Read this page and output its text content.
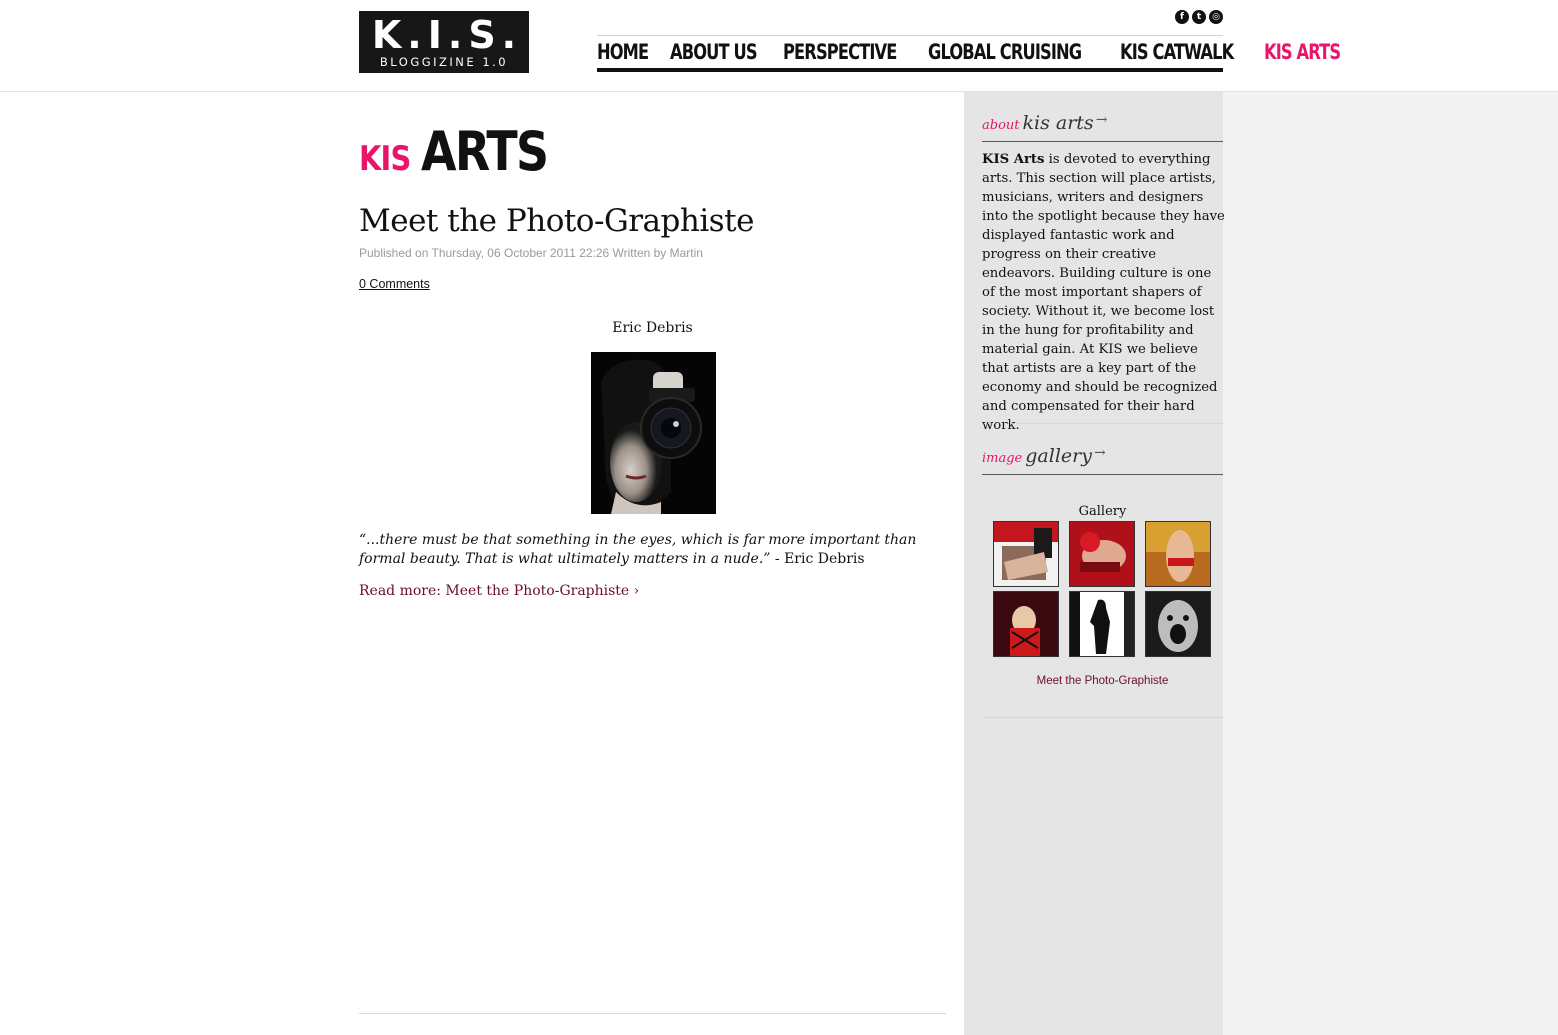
K.I.S.
BLOGGIZINE 1.0
f	t	◎
HOME ABOUT US PERSPECTIVE GLOBAL CRUISING KIS CATWALK KIS ARTS
KIS ARTS
Meet the Photo-Graphiste
Published on Thursday, 06 October 2011 22:26 Written by Martin
0 Comments
Eric Debris
“...there must be that something in the eyes, which is far more important than formal beauty. That is what ultimately matters in a nude.” - Eric Debris
Read more: Meet the Photo-Graphiste ›
about kis arts →
KIS Arts is devoted to everything arts. This section will place artists, musicians, writers and designers into the spotlight because they have displayed fantastic work and progress on their creative endeavors. Building culture is one of the most important shapers of society. Without it, we become lost in the hung for profitability and material gain. At KIS we believe that artists are a key part of the economy and should be recognized and compensated for their hard work.
image gallery →
Gallery
Meet the Photo-Graphiste
